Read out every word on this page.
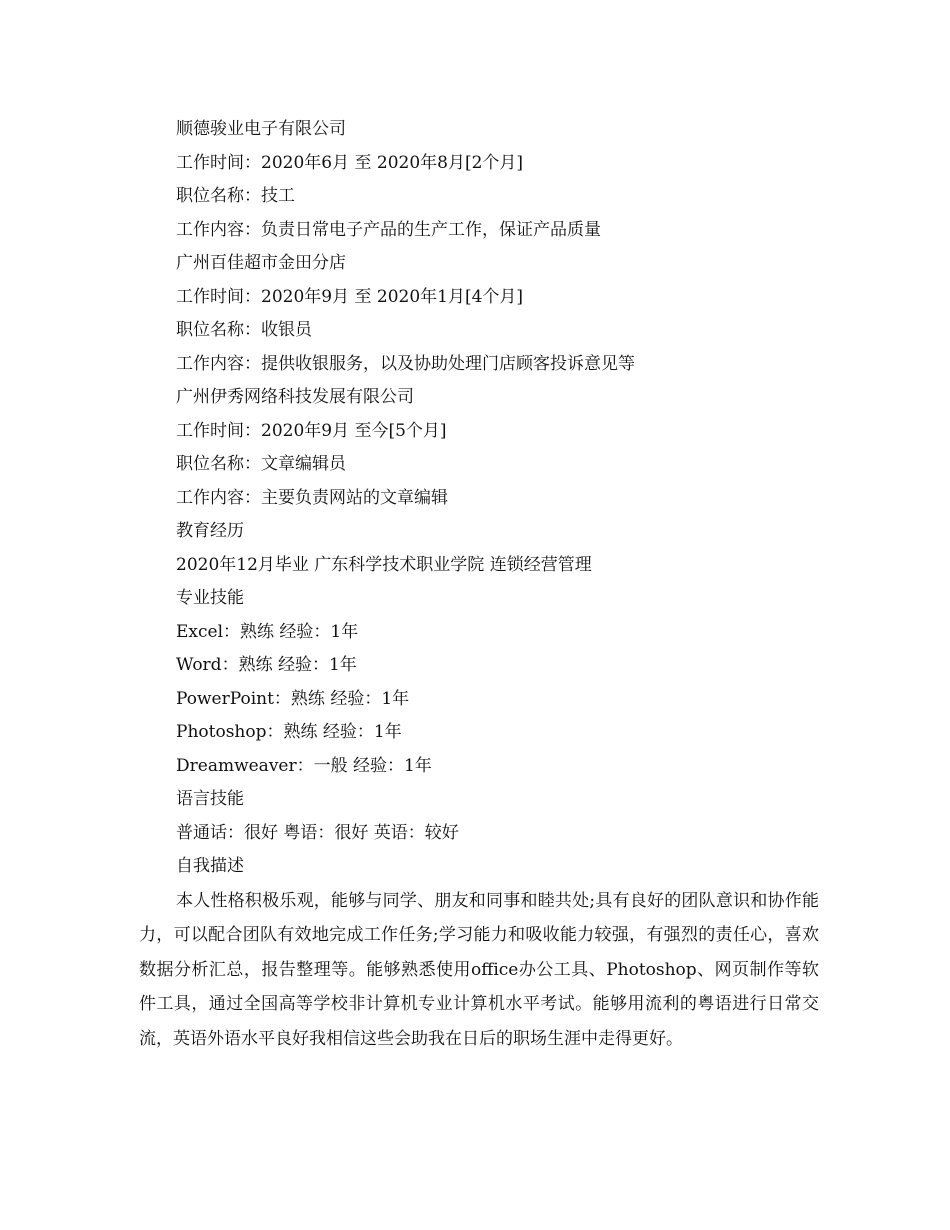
顺德骏业电子有限公司
工作时间：2020年6月 至 2020年8月[2个月]
职位名称：技工
工作内容：负责日常电子产品的生产工作，保证产品质量
广州百佳超市金田分店
工作时间：2020年9月 至 2020年1月[4个月]
职位名称：收银员
工作内容：提供收银服务，以及协助处理门店顾客投诉意见等
广州伊秀网络科技发展有限公司
工作时间：2020年9月 至今[5个月]
职位名称：文章编辑员
工作内容：主要负责网站的文章编辑
教育经历
2020年12月毕业 广东科学技术职业学院 连锁经营管理
专业技能
Excel：熟练 经验：1年
Word：熟练 经验：1年
PowerPoint：熟练 经验：1年
Photoshop：熟练 经验：1年
Dreamweaver：一般 经验：1年
语言技能
普通话：很好 粤语：很好 英语：较好
自我描述
本人性格积极乐观，能够与同学、朋友和同事和睦共处;具有良好的团队意识和协作能力，可以配合团队有效地完成工作任务;学习能力和吸收能力较强，有强烈的责任心，喜欢数据分析汇总，报告整理等。能够熟悉使用office办公工具、Photoshop、网页制作等软件工具，通过全国高等学校非计算机专业计算机水平考试。能够用流利的粤语进行日常交流，英语外语水平良好我相信这些会助我在日后的职场生涯中走得更好。
